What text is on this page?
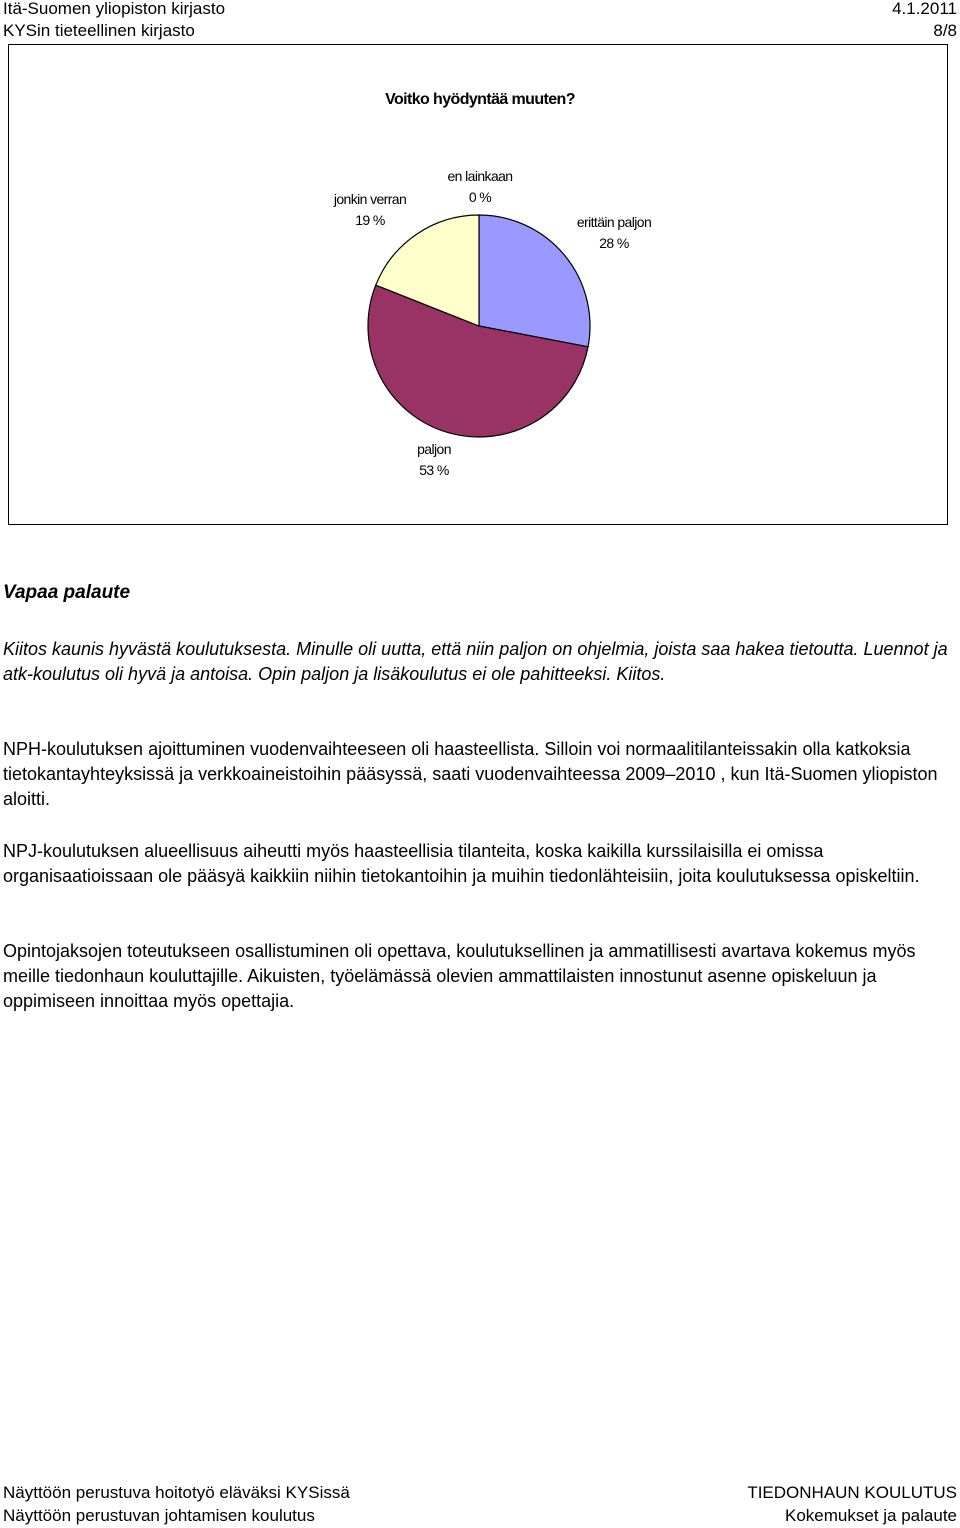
Itä-Suomen yliopiston kirjasto	4.1.2011
KYSin tieteellinen kirjasto	8/8
Voitko hyödyntää muuten?
jonkin verran
19 %
en lainkaan
0 %
erittäin paljon
28 %
paljon
53 %
Vapaa palaute

Kiitos kaunis hyvästä koulutuksesta. Minulle oli uutta, että niin paljon on ohjelmia, joista saa hakea tietoutta. Luennot ja atk-koulutus oli hyvä ja antoisa. Opin paljon ja lisäkoulutus ei ole pahitteeksi. Kiitos.

NPH-koulutuksen ajoittuminen vuodenvaihteeseen oli haasteellista. Silloin voi normaalitilanteissakin olla katkoksia tietokantayhteyksissä ja verkkoaineistoihin pääsyssä, saati vuodenvaihteessa 2009–2010 , kun Itä-Suomen yliopiston aloitti.

NPJ-koulutuksen alueellisuus aiheutti myös haasteellisia tilanteita, koska kaikilla kurssilaisilla ei omissa organisaatioissaan ole pääsyä kaikkiin niihin tietokantoihin ja muihin tiedonlähteisiin, joita koulutuksessa opiskeltiin.

Opintojaksojen toteutukseen osallistuminen oli opettava, koulutuksellinen ja ammatillisesti avartava kokemus myös meille tiedonhaun kouluttajille. Aikuisten, työelämässä olevien ammattilaisten innostunut asenne opiskeluun ja oppimiseen innoittaa myös opettajia.

Näyttöön perustuva hoitotyö eläväksi KYSissä	TIEDONHAUN KOULUTUS
Näyttöön perustuvan johtamisen koulutus	Kokemukset ja palaute
